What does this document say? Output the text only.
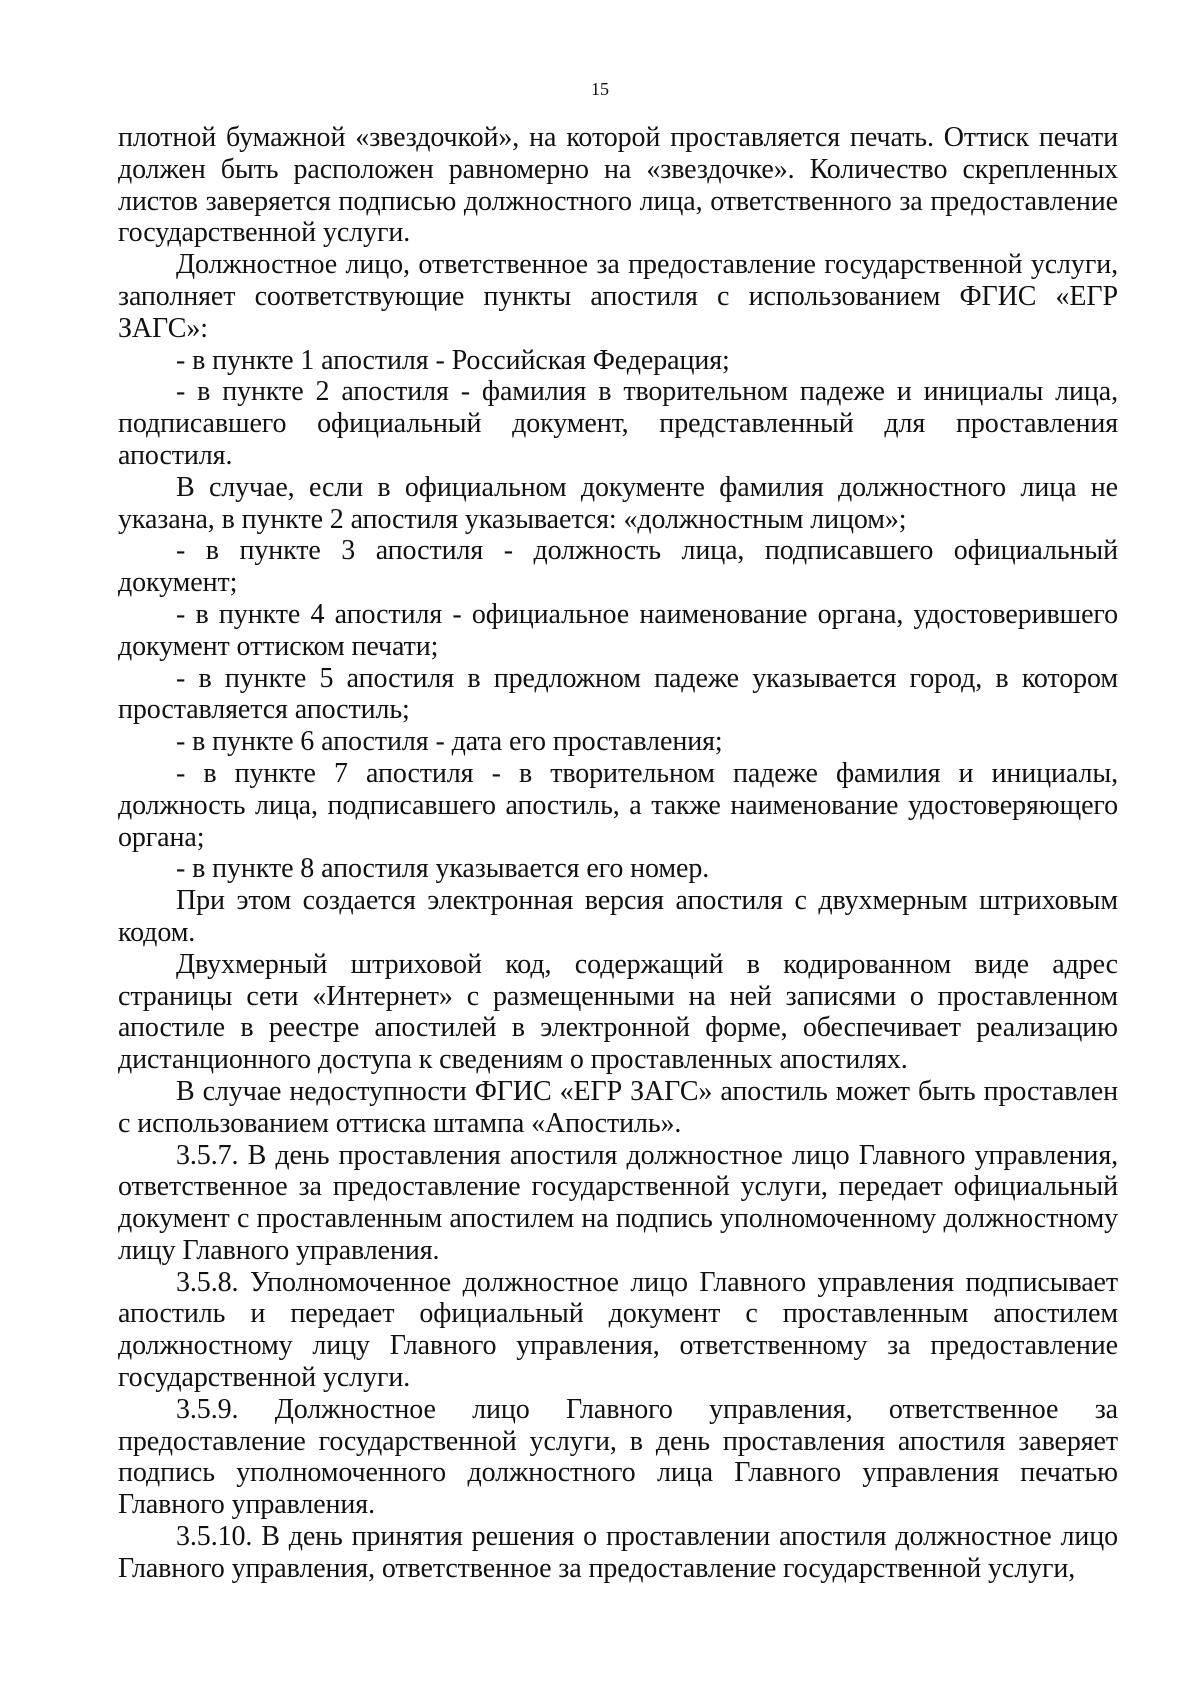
15

плотной бумажной «звездочкой», на которой проставляется печать. Оттиск печати должен быть расположен равномерно на «звездочке». Количество скрепленных листов заверяется подписью должностного лица, ответственного за предоставление государственной услуги.

Должностное лицо, ответственное за предоставление государственной услуги, заполняет соответствующие пункты апостиля с использованием ФГИС «ЕГР ЗАГС»:

- в пункте 1 апостиля - Российская Федерация;

- в пункте 2 апостиля - фамилия в творительном падеже и инициалы лица, подписавшего официальный документ, представленный для проставления апостиля.

В случае, если в официальном документе фамилия должностного лица не указана, в пункте 2 апостиля указывается: «должностным лицом»;

- в пункте 3 апостиля - должность лица, подписавшего официальный документ;

- в пункте 4 апостиля - официальное наименование органа, удостоверившего документ оттиском печати;

- в пункте 5 апостиля в предложном падеже указывается город, в котором проставляется апостиль;

- в пункте 6 апостиля - дата его проставления;

- в пункте 7 апостиля - в творительном падеже фамилия и инициалы, должность лица, подписавшего апостиль, а также наименование удостоверяющего органа;

- в пункте 8 апостиля указывается его номер.

При этом создается электронная версия апостиля с двухмерным штриховым кодом.

Двухмерный штриховой код, содержащий в кодированном виде адрес страницы сети «Интернет» с размещенными на ней записями о проставленном апостиле в реестре апостилей в электронной форме, обеспечивает реализацию дистанционного доступа к сведениям о проставленных апостилях.

В случае недоступности ФГИС «ЕГР ЗАГС» апостиль может быть проставлен с использованием оттиска штампа «Апостиль».

3.5.7. В день проставления апостиля должностное лицо Главного управления, ответственное за предоставление государственной услуги, передает официальный документ с проставленным апостилем на подпись уполномоченному должностному лицу Главного управления.

3.5.8. Уполномоченное должностное лицо Главного управления подписывает апостиль и передает официальный документ с проставленным апостилем должностному лицу Главного управления, ответственному за предоставление государственной услуги.

3.5.9. Должностное лицо Главного управления, ответственное за предоставление государственной услуги, в день проставления апостиля заверяет подпись уполномоченного должностного лица Главного управления печатью Главного управления.

3.5.10. В день принятия решения о проставлении апостиля должностное лицо Главного управления, ответственное за предоставление государственной услуги,
